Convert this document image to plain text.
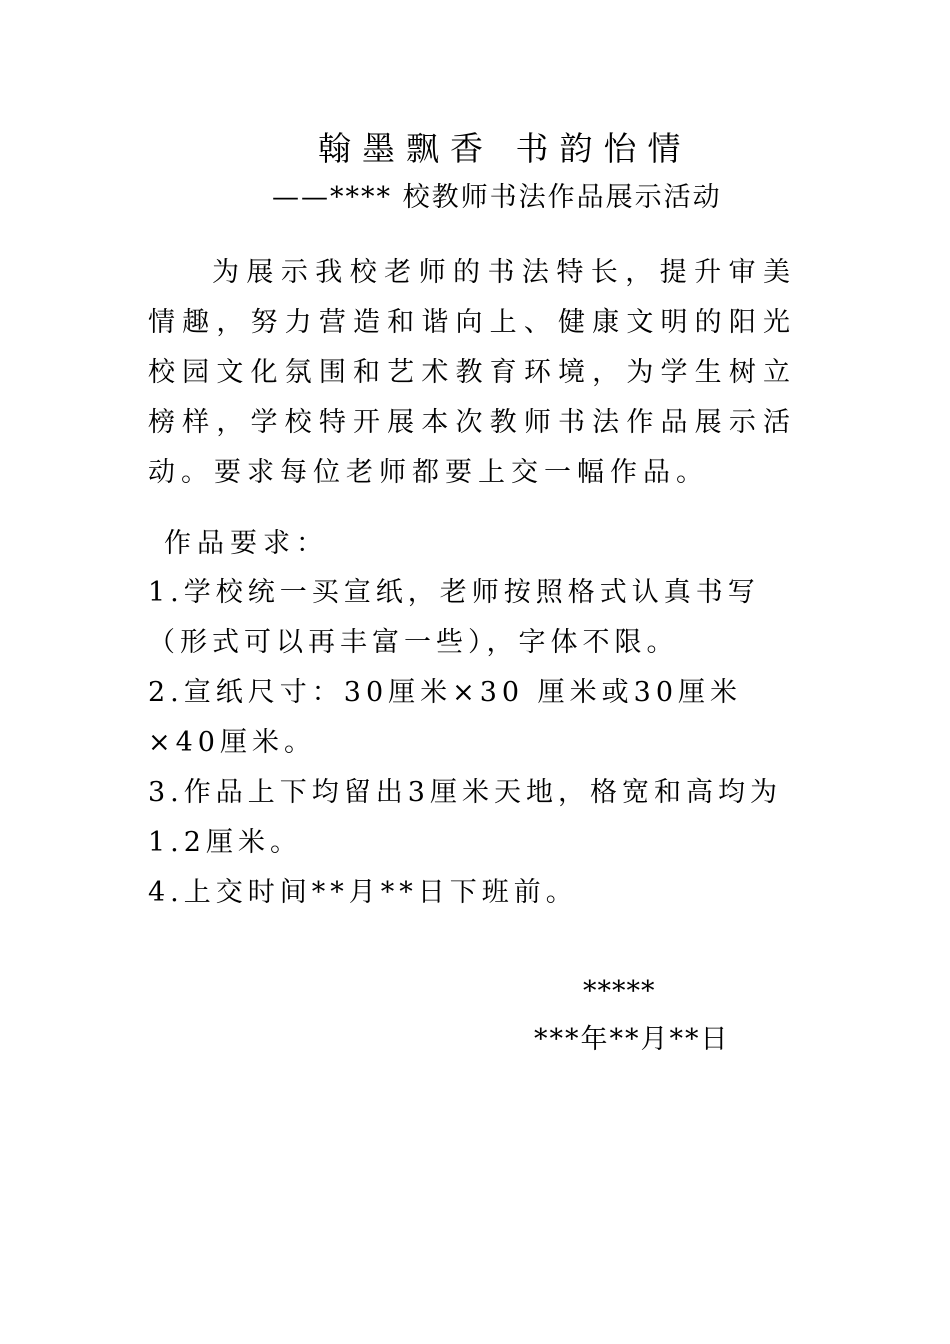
翰墨飘香 书韵怡情
——**** 校教师书法作品展示活动

为展示我校老师的书法特长，提升审美情趣，努力营造和谐向上、健康文明的阳光校园文化氛围和艺术教育环境，为学生树立榜样，学校特开展本次教师书法作品展示活动。要求每位老师都要上交一幅作品。

作品要求：
1.学校统一买宣纸，老师按照格式认真书写（形式可以再丰富一些），字体不限。
2.宣纸尺寸：30厘米×30 厘米或30厘米×40厘米。
3.作品上下均留出3厘米天地，格宽和高均为1.2厘米。
4.上交时间**月**日下班前。
*****
***年**月**日
